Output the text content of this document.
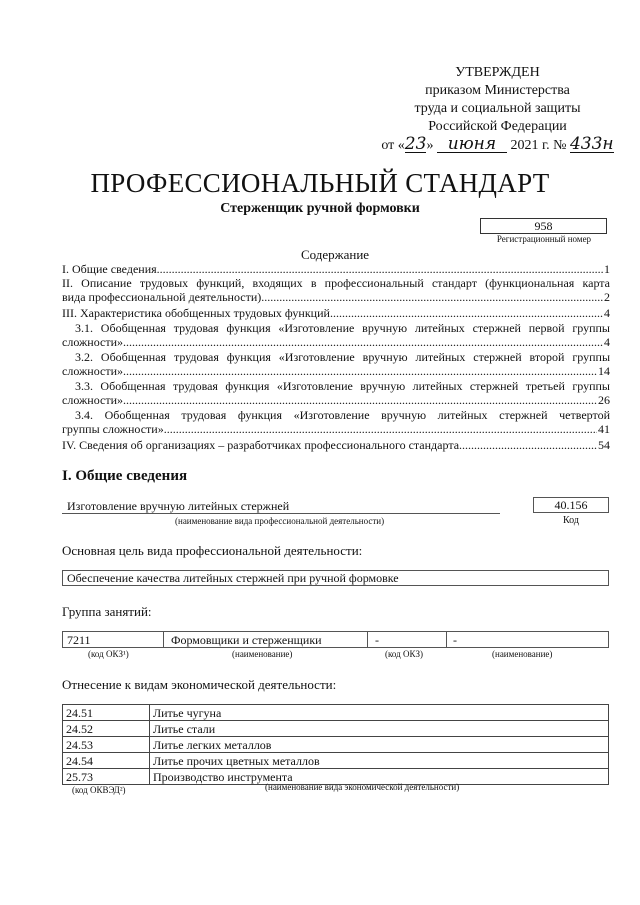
УТВЕРЖДЕН
приказом Министерства
труда и социальной защиты
Российской Федерации
от «23» июня 2021 г. № 433н
ПРОФЕССИОНАЛЬНЫЙ СТАНДАРТ
Стерженщик ручной формовки
958
Регистрационный номер
Содержание
I. Общие сведения .....	1
II. Описание трудовых функций, входящих в профессиональный стандарт (функциональная карта
вида профессиональной деятельности) .....	2
III. Характеристика обобщенных трудовых функций .....	4
3.1. Обобщенная трудовая функция «Изготовление вручную литейных стержней первой группы
сложности» .....	4
3.2. Обобщенная трудовая функция «Изготовление вручную литейных стержней второй группы
сложности» .....	14
3.3. Обобщенная трудовая функция «Изготовление вручную литейных стержней третьей группы
сложности» .....	26
3.4. Обобщенная трудовая функция «Изготовление вручную литейных стержней четвертой
группы сложности» .....	41
IV. Сведения об организациях – разработчиках профессионального стандарта .....	54
I. Общие сведения
Изготовление вручную литейных стержней
(наименование вида профессиональной деятельности)
40.156
Код
Основная цель вида профессиональной деятельности:
Обеспечение качества литейных стержней при ручной формовке
Группа занятий:
7211	Формовщики и стерженщики	-	-
(код ОКЗ¹)	(наименование)	(код ОКЗ)	(наименование)
Отнесение к видам экономической деятельности:
24.51	Литье чугуна
24.52	Литье стали
24.53	Литье легких металлов
24.54	Литье прочих цветных металлов
25.73	Производство инструмента
(код ОКВЭД²)	(наименование вида экономической деятельности)
